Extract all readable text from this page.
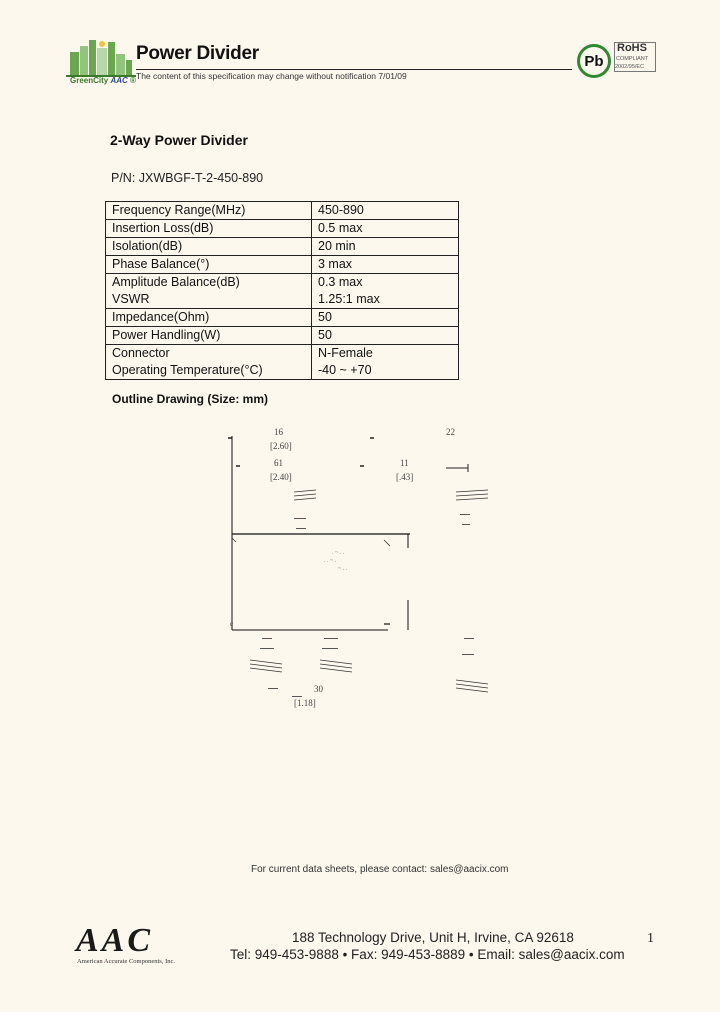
GreenCity AAC ®
Power Divider
The content of this specification may change without notification 7/01/09
Pb
RoHS
COMPLIANT
2002/95/EC
2-Way Power Divider
P/N: JXWBGF-T-2-450-890
Frequency Range(MHz)	450-890
Insertion Loss(dB)	0.5 max
Isolation(dB)	20 min
Phase Balance(°)	3 max
Amplitude Balance(dB)	0.3 max
VSWR	1.25:1 max
Impedance(Ohm)	50
Power Handling(W)	50
Connector	N-Female
Operating Temperature(°C)	-40 ~ +70
Outline Drawing (Size: mm)
16
[2.60]
61
[2.40]
22
11
[.43]
30
[1.18]
c
. ~ . .
. . ~ .
~ . .
For current data sheets, please contact: sales@aacix.com
AAC
American Accurate Components, Inc.
188 Technology Drive, Unit H, Irvine, CA 92618
Tel: 949-453-9888 • Fax: 949-453-8889 • Email: sales@aacix.com
1
